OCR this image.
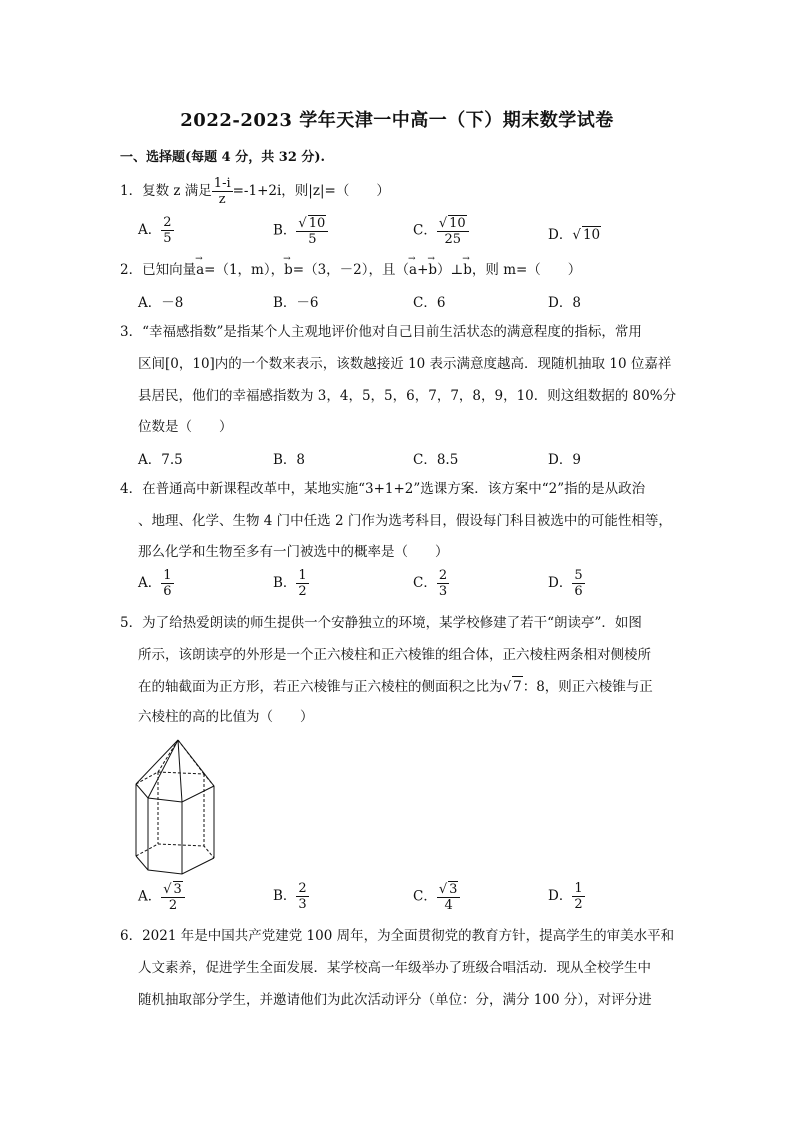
2022-2023 学年天津一中高一（下）期末数学试卷
一、选择题(每题 4 分，共 32 分).
1．复数 z 满足 $\frac{1-i}{z} =-1+2i$，则|z|=（　　）
A． $\frac{2}{5}$	B． $\frac{√ 10}{5}$	C． $\frac{√ 10}{25}$	D．√ 10
2．已知向量→ a=（1，m），→ b=（3，－2），且（→ a+→ b）⊥→ b，则 m=（　　）
A．－8	B．－6	C．6	D．8
3．“幸福感指数”是指某个人主观地评价他对自己目前生活状态的满意程度的指标，常用
区间[0，10]内的一个数来表示，该数越接近 10 表示满意度越高．现随机抽取 10 位嘉祥
县居民，他们的幸福感指数为 3，4，5，5，6，7，7，8，9，10．则这组数据的 80%分
位数是（　　）
A．7.5	B．8	C．8.5	D．9
4．在普通高中新课程改革中，某地实施“3+1+2”选课方案．该方案中“2”指的是从政治
、地理、化学、生物 4 门中任选 2 门作为选考科目，假设每门科目被选中的可能性相等，
那么化学和生物至多有一门被选中的概率是（　　）
A． $\frac{1}{6}$	B． $\frac{1}{2}$	C． $\frac{2}{3}$	D． $\frac{5}{6}$
5．为了给热爱朗读的师生提供一个安静独立的环境，某学校修建了若干“朗读亭”．如图
所示，该朗读亭的外形是一个正六棱柱和正六棱锥的组合体，正六棱柱两条相对侧棱所
在的轴截面为正方形，若正六棱锥与正六棱柱的侧面积之比为√ 7：8，则正六棱锥与正
六棱柱的高的比值为（　　）
A． $\frac{√ 3}{2}$	B． $\frac{2}{3}$	C． $\frac{√ 3}{4}$	D． $\frac{1}{2}$
6．2021 年是中国共产党建党 100 周年，为全面贯彻党的教育方针，提高学生的审美水平和
人文素养，促进学生全面发展．某学校高一年级举办了班级合唱活动．现从全校学生中
随机抽取部分学生，并邀请他们为此次活动评分（单位：分，满分 100 分），对评分进
